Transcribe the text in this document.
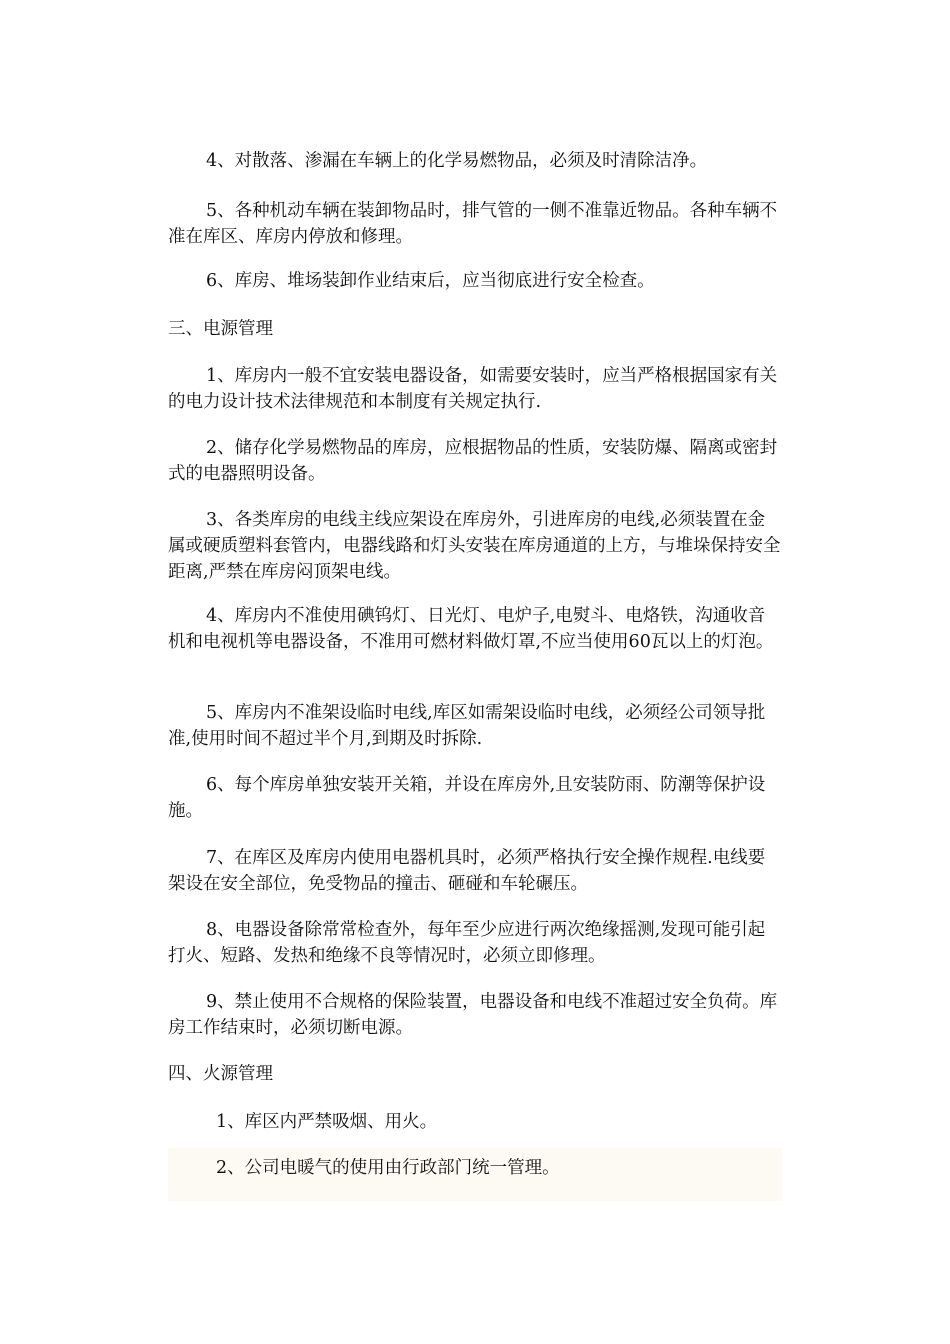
4、对散落、渗漏在车辆上的化学易燃物品，必须及时清除洁净。

5、各种机动车辆在装卸物品时，排气管的一侧不准靠近物品。各种车辆不准在库区、库房内停放和修理。

6、库房、堆场装卸作业结束后，应当彻底进行安全检查。

三、电源管理

1、库房内一般不宜安装电器设备，如需要安装时，应当严格根据国家有关的电力设计技术法律规范和本制度有关规定执行.

2、储存化学易燃物品的库房，应根据物品的性质，安装防爆、隔离或密封式的电器照明设备。

3、各类库房的电线主线应架设在库房外，引进库房的电线,必须装置在金属或硬质塑料套管内，电器线路和灯头安装在库房通道的上方，与堆垛保持安全距离,严禁在库房闷顶架电线。

4、库房内不准使用碘钨灯、日光灯、电炉子,电熨斗、电烙铁，沟通收音机和电视机等电器设备，不准用可燃材料做灯罩,不应当使用60瓦以上的灯泡。

5、库房内不准架设临时电线,库区如需架设临时电线，必须经公司领导批准,使用时间不超过半个月,到期及时拆除.

6、每个库房单独安装开关箱，并设在库房外,且安装防雨、防潮等保护设施。

7、在库区及库房内使用电器机具时，必须严格执行安全操作规程.电线要架设在安全部位，免受物品的撞击、砸碰和车轮碾压。

8、电器设备除常常检查外，每年至少应进行两次绝缘摇测,发现可能引起打火、短路、发热和绝缘不良等情况时，必须立即修理。

9、禁止使用不合规格的保险装置，电器设备和电线不准超过安全负荷。库房工作结束时，必须切断电源。

四、火源管理

1、库区内严禁吸烟、用火。

2、公司电暖气的使用由行政部门统一管理。
